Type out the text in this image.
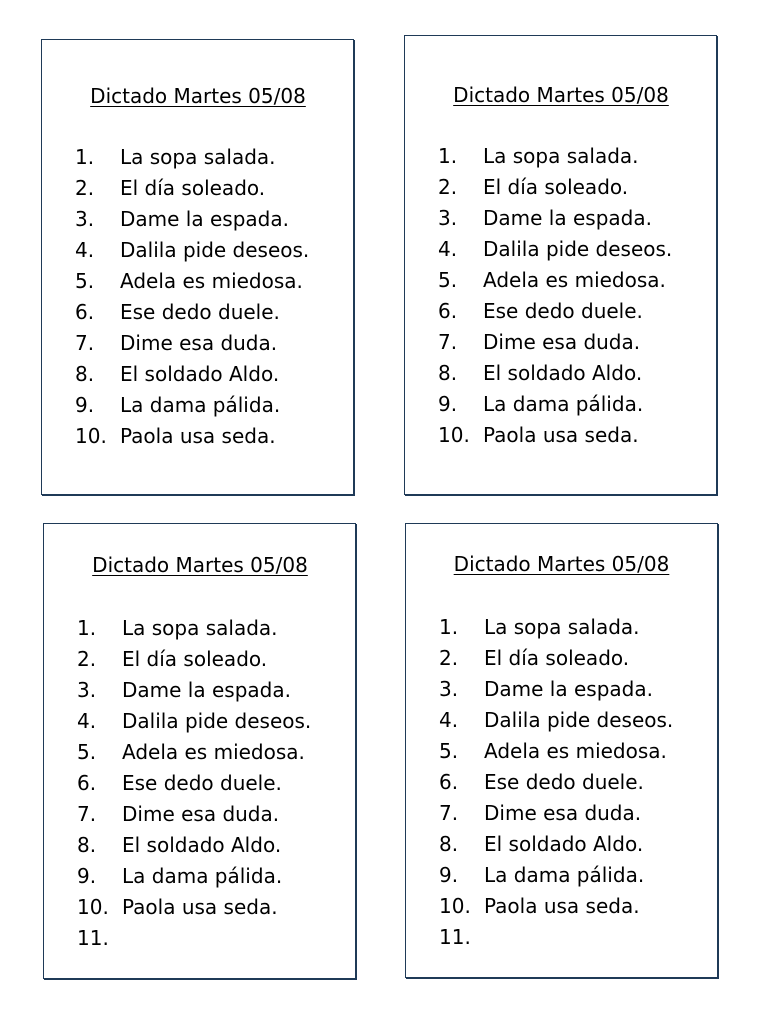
Dictado Martes 05/08
1. La sopa salada.
2. El día soleado.
3. Dame la espada.
4. Dalila pide deseos.
5. Adela es miedosa.
6. Ese dedo duele.
7. Dime esa duda.
8. El soldado Aldo.
9. La dama pálida.
10. Paola usa seda.
Dictado Martes 05/08
1. La sopa salada.
2. El día soleado.
3. Dame la espada.
4. Dalila pide deseos.
5. Adela es miedosa.
6. Ese dedo duele.
7. Dime esa duda.
8. El soldado Aldo.
9. La dama pálida.
10. Paola usa seda.
Dictado Martes 05/08
1. La sopa salada.
2. El día soleado.
3. Dame la espada.
4. Dalila pide deseos.
5. Adela es miedosa.
6. Ese dedo duele.
7. Dime esa duda.
8. El soldado Aldo.
9. La dama pálida.
10. Paola usa seda.
11.
Dictado Martes 05/08
1. La sopa salada.
2. El día soleado.
3. Dame la espada.
4. Dalila pide deseos.
5. Adela es miedosa.
6. Ese dedo duele.
7. Dime esa duda.
8. El soldado Aldo.
9. La dama pálida.
10. Paola usa seda.
11.
